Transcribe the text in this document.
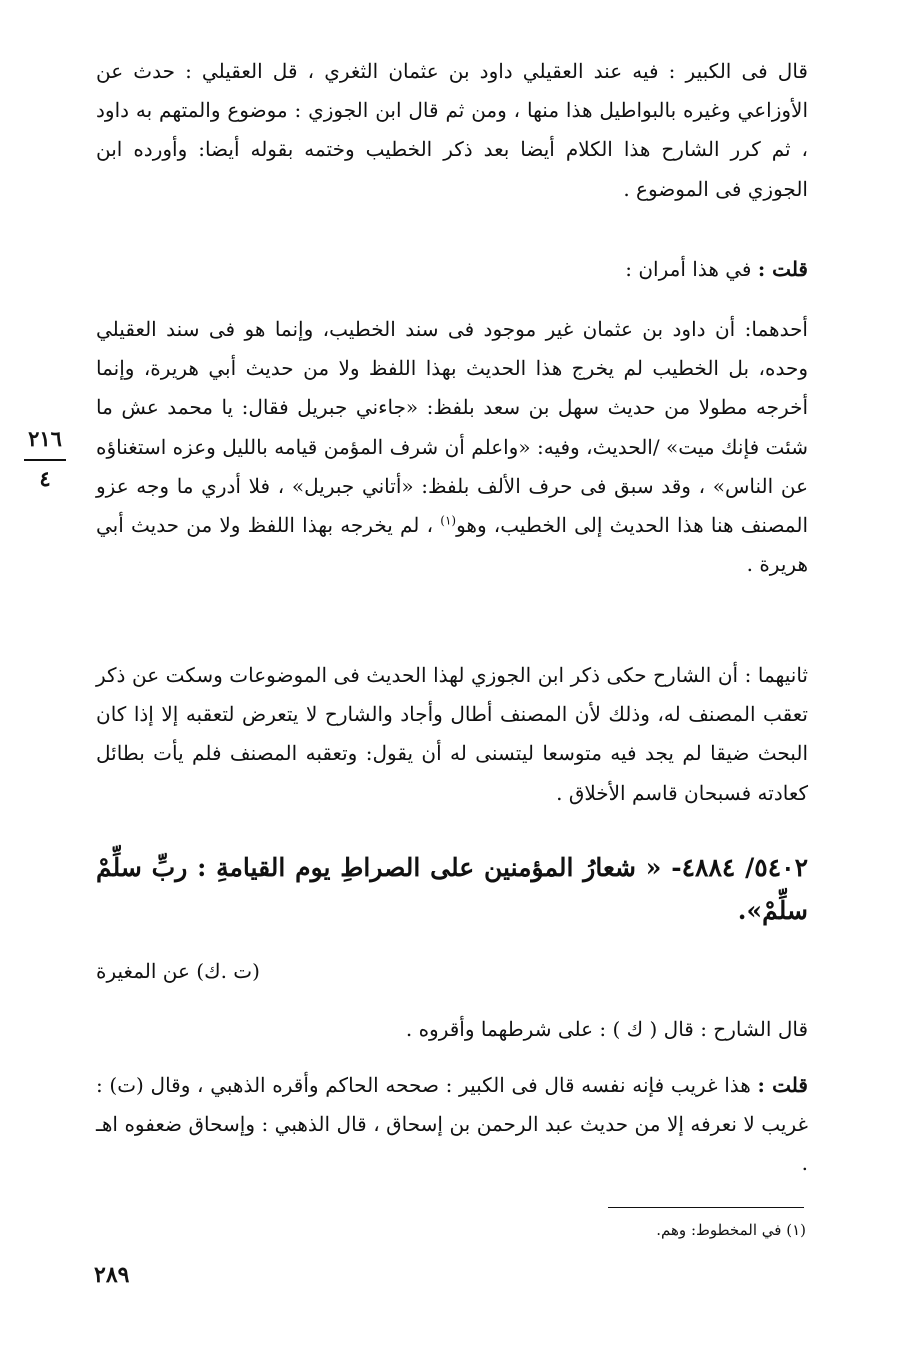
٢١٦
٤

قال فى الكبير : فيه عند العقيلي داود بن عثمان الثغري ، قل العقيلي : حدث عن الأوزاعي وغيره بالبواطيل هذا منها ، ومن ثم قال ابن الجوزي : موضوع والمتهم به داود ، ثم كرر الشارح هذا الكلام أيضا بعد ذكر الخطيب وختمه بقوله أيضا: وأورده ابن الجوزي فى الموضوع .

قلت : في هذا أمران :

أحدهما: أن داود بن عثمان غير موجود فى سند الخطيب، وإنما هو فى سند العقيلي وحده، بل الخطيب لم يخرج هذا الحديث بهذا اللفظ ولا من حديث أبي هريرة، وإنما أخرجه مطولا من حديث سهل بن سعد بلفظ: «جاءني جبريل فقال: يا محمد عش ما شئت فإنك ميت» /الحديث، وفيه: «واعلم أن شرف المؤمن قيامه بالليل وعزه استغناؤه عن الناس» ، وقد سبق فى حرف الألف بلفظ: «أتاني جبريل» ، فلا أدري ما وجه عزو المصنف هنا هذا الحديث إلى الخطيب، وهو$^{(١)}$ ، لم يخرجه بهذا اللفظ ولا من حديث أبي هريرة .

ثانيهما : أن الشارح حكى ذكر ابن الجوزي لهذا الحديث فى الموضوعات وسكت عن ذكر تعقب المصنف له، وذلك لأن المصنف أطال وأجاد والشارح لا يتعرض لتعقبه إلا إذا كان البحث ضيقا لم يجد فيه متوسعا ليتسنى له أن يقول: وتعقبه المصنف فلم يأت بطائل كعادته فسبحان قاسم الأخلاق .

٥٤٠٢/ ٤٨٨٤- « شعارُ المؤمنين على الصراطِ يوم القيامةِ : ربِّ سلِّمْ سلِّمْ».

(ت .ك) عن المغيرة

قال الشارح : قال ( ك ) : على شرطهما وأقروه .

قلت : هذا غريب فإنه نفسه قال فى الكبير : صححه الحاكم وأقره الذهبي ، وقال (ت) : غريب لا نعرفه إلا من حديث عبد الرحمن بن إسحاق ، قال الذهبي : وإسحاق ضعفوه اهـ .

(١) في المخطوط: وهم.
٢٨٩
